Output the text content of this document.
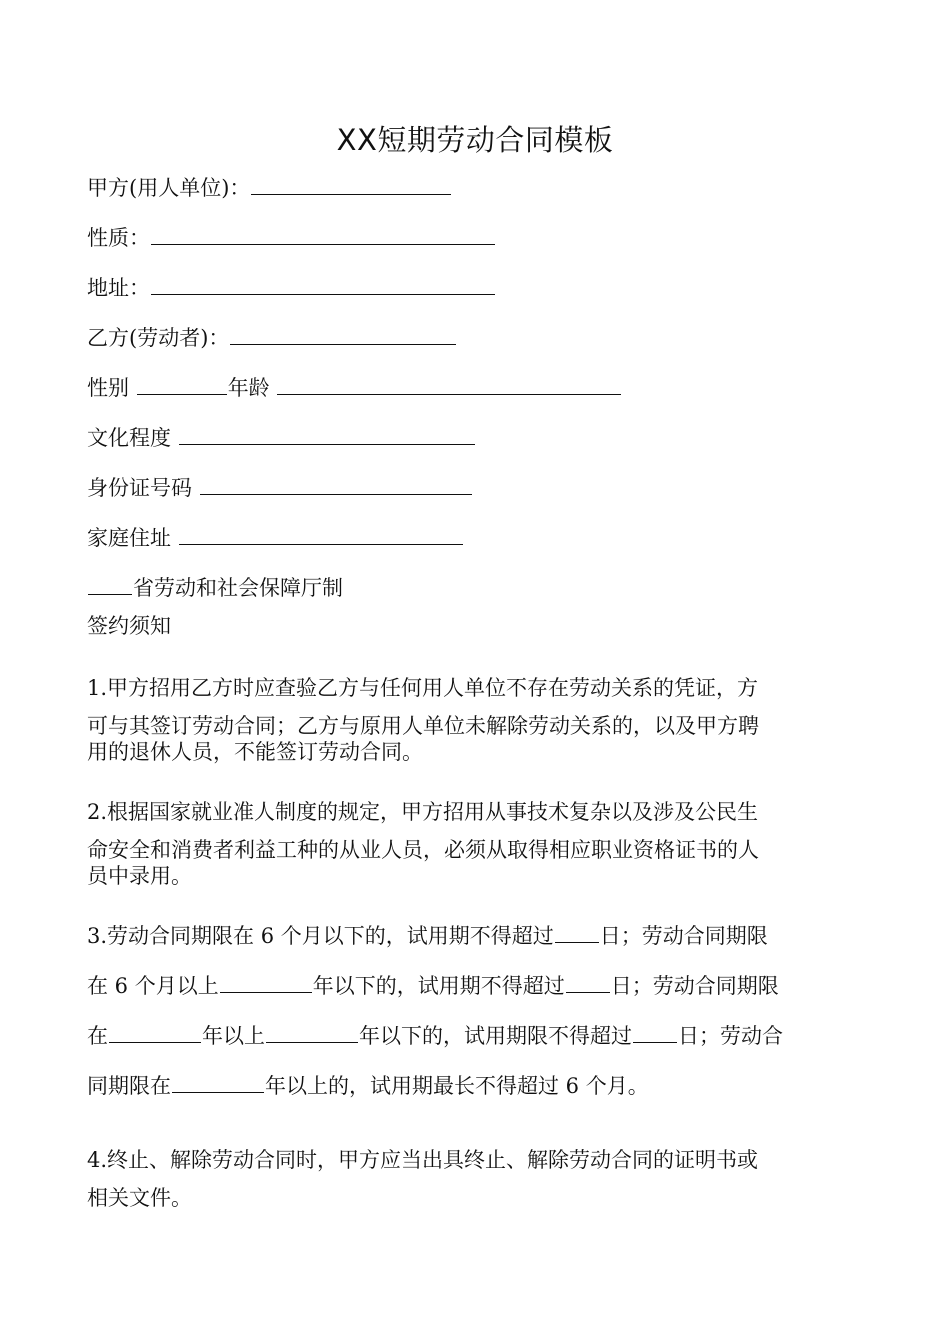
XX短期劳动合同模板
甲方(用人单位)：
性质：
地址：
乙方(劳动者)：
性别	年龄
文化程度
身份证号码
家庭住址
省劳动和社会保障厅制
签约须知

1.甲方招用乙方时应查验乙方与任何用人单位不存在劳动关系的凭证，方

可与其签订劳动合同；乙方与原用人单位未解除劳动关系的，以及甲方聘

用的退休人员，不能签订劳动合同。

2.根据国家就业准人制度的规定，甲方招用从事技术复杂以及涉及公民生

命安全和消费者利益工种的从业人员，必须从取得相应职业资格证书的人

员中录用。

3.劳动合同期限在 6 个月以下的，试用期不得超过 日；劳动合同期限
在 6 个月以上	年以下的，试用期不得超过 日；劳动合同期限
在	年以上	年以下的，试用期限不得超过 日；劳动合
同期限在	年以上的，试用期最长不得超过 6 个月。

4.终止、解除劳动合同时，甲方应当出具终止、解除劳动合同的证明书或

相关文件。
